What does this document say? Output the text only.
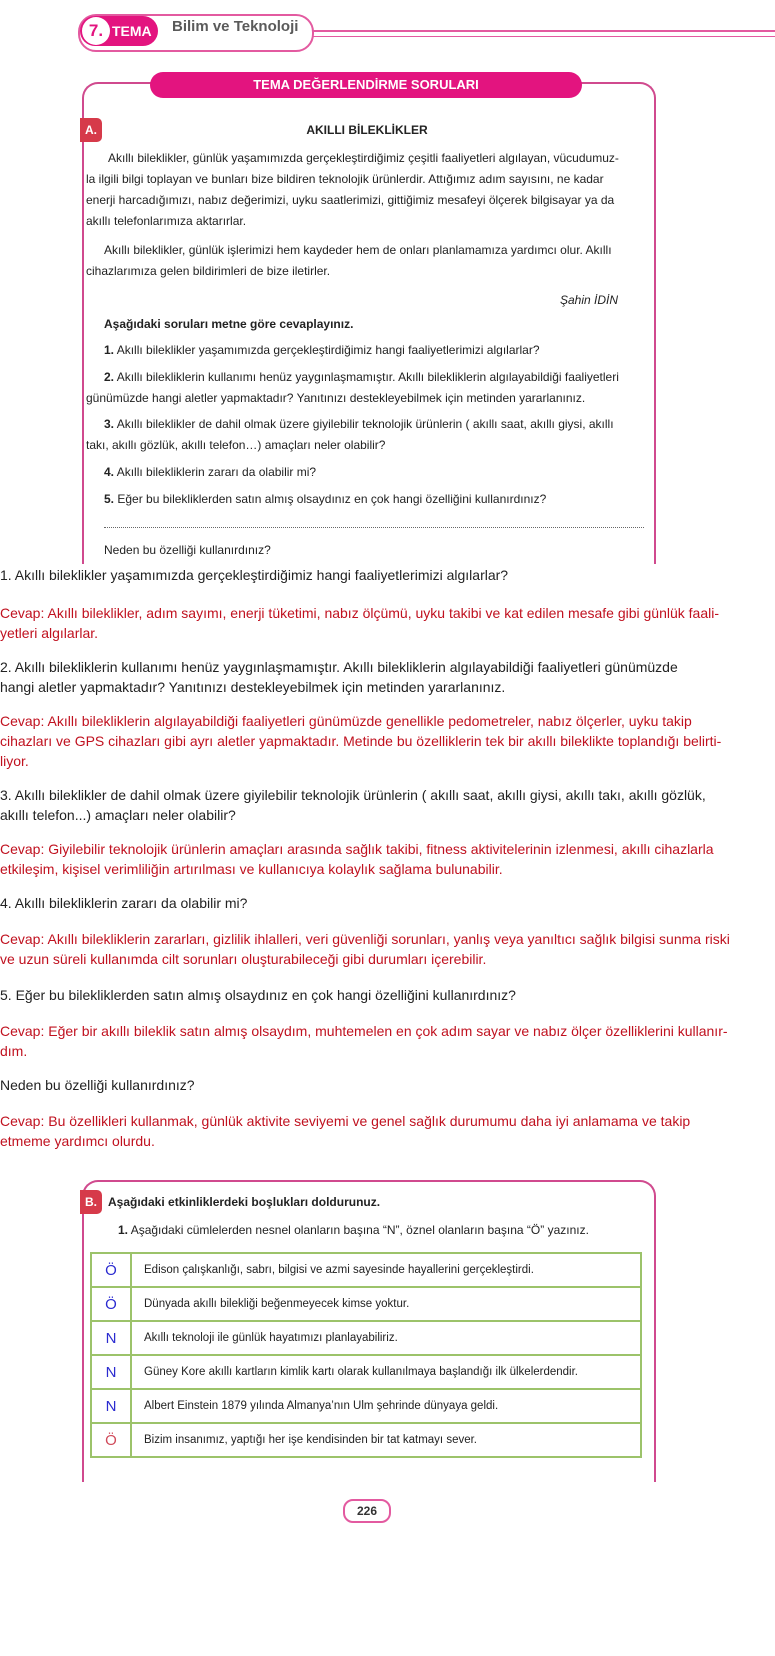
7. TEMA	Bilim ve Teknoloji
TEMA DEĞERLENDİRME SORULARI
A.	AKILLI BİLEKLİKLER
Akıllı bileklikler, günlük yaşamımızda gerçekleştirdiğimiz çeşitli faaliyetleri algılayan, vücudumuz-
la ilgili bilgi toplayan ve bunları bize bildiren teknolojik ürünlerdir. Attığımız adım sayısını, ne kadar
enerji harcadığımızı, nabız değerimizi, uyku saatlerimizi, gittiğimiz mesafeyi ölçerek bilgisayar ya da
akıllı telefonlarımıza aktarırlar.
Akıllı bileklikler, günlük işlerimizi hem kaydeder hem de onları planlamamıza yardımcı olur. Akıllı
cihazlarımıza gelen bildirimleri de bize iletirler.
Şahin İDİN
Aşağıdaki soruları metne göre cevaplayınız.
1. Akıllı bileklikler yaşamımızda gerçekleştirdiğimiz hangi faaliyetlerimizi algılarlar?
2. Akıllı bilekliklerin kullanımı henüz yaygınlaşmamıştır. Akıllı bilekliklerin algılayabildiği faaliyetleri
günümüzde hangi aletler yapmaktadır? Yanıtınızı destekleyebilmek için metinden yararlanınız.
3. Akıllı bileklikler de dahil olmak üzere giyilebilir teknolojik ürünlerin ( akıllı saat, akıllı giysi, akıllı
takı, akıllı gözlük, akıllı telefon…) amaçları neler olabilir?
4. Akıllı bilekliklerin zararı da olabilir mi?
5. Eğer bu bilekliklerden satın almış olsaydınız en çok hangi özelliğini kullanırdınız?
Neden bu özelliği kullanırdınız?
1. Akıllı bileklikler yaşamımızda gerçekleştirdiğimiz hangi faaliyetlerimizi algılarlar?
Cevap: Akıllı bileklikler, adım sayımı, enerji tüketimi, nabız ölçümü, uyku takibi ve kat edilen mesafe gibi günlük faali-
yetleri algılarlar.
2. Akıllı bilekliklerin kullanımı henüz yaygınlaşmamıştır. Akıllı bilekliklerin algılayabildiği faaliyetleri günümüzde
hangi aletler yapmaktadır? Yanıtınızı destekleyebilmek için metinden yararlanınız.
Cevap: Akıllı bilekliklerin algılayabildiği faaliyetleri günümüzde genellikle pedometreler, nabız ölçerler, uyku takip
cihazları ve GPS cihazları gibi ayrı aletler yapmaktadır. Metinde bu özelliklerin tek bir akıllı bileklikte toplandığı belirti-
liyor.
3. Akıllı bileklikler de dahil olmak üzere giyilebilir teknolojik ürünlerin ( akıllı saat, akıllı giysi, akıllı takı, akıllı gözlük,
akıllı telefon...) amaçları neler olabilir?
Cevap: Giyilebilir teknolojik ürünlerin amaçları arasında sağlık takibi, fitness aktivitelerinin izlenmesi, akıllı cihazlarla
etkileşim, kişisel verimliliğin artırılması ve kullanıcıya kolaylık sağlama bulunabilir.
4. Akıllı bilekliklerin zararı da olabilir mi?
Cevap: Akıllı bilekliklerin zararları, gizlilik ihlalleri, veri güvenliği sorunları, yanlış veya yanıltıcı sağlık bilgisi sunma riski
ve uzun süreli kullanımda cilt sorunları oluşturabileceği gibi durumları içerebilir.
5. Eğer bu bilekliklerden satın almış olsaydınız en çok hangi özelliğini kullanırdınız?
Cevap: Eğer bir akıllı bileklik satın almış olsaydım, muhtemelen en çok adım sayar ve nabız ölçer özelliklerini kullanır-
dım.
Neden bu özelliği kullanırdınız?
Cevap: Bu özellikleri kullanmak, günlük aktivite seviyemi ve genel sağlık durumumu daha iyi anlamama ve takip
etmeme yardımcı olurdu.
B. Aşağıdaki etkinliklerdeki boşlukları doldurunuz.
1. Aşağıdaki cümlelerden nesnel olanların başına “N”, öznel olanların başına “Ö” yazınız.
Ö	Edison çalışkanlığı, sabrı, bilgisi ve azmi sayesinde hayallerini gerçekleştirdi.
Ö	Dünyada akıllı bilekliği beğenmeyecek kimse yoktur.
N	Akıllı teknoloji ile günlük hayatımızı planlayabiliriz.
N	Güney Kore akıllı kartların kimlik kartı olarak kullanılmaya başlandığı ilk ülkelerdendir.
N	Albert Einstein 1879 yılında Almanya’nın Ulm şehrinde dünyaya geldi.
Ö	Bizim insanımız, yaptığı her işe kendisinden bir tat katmayı sever.
226
